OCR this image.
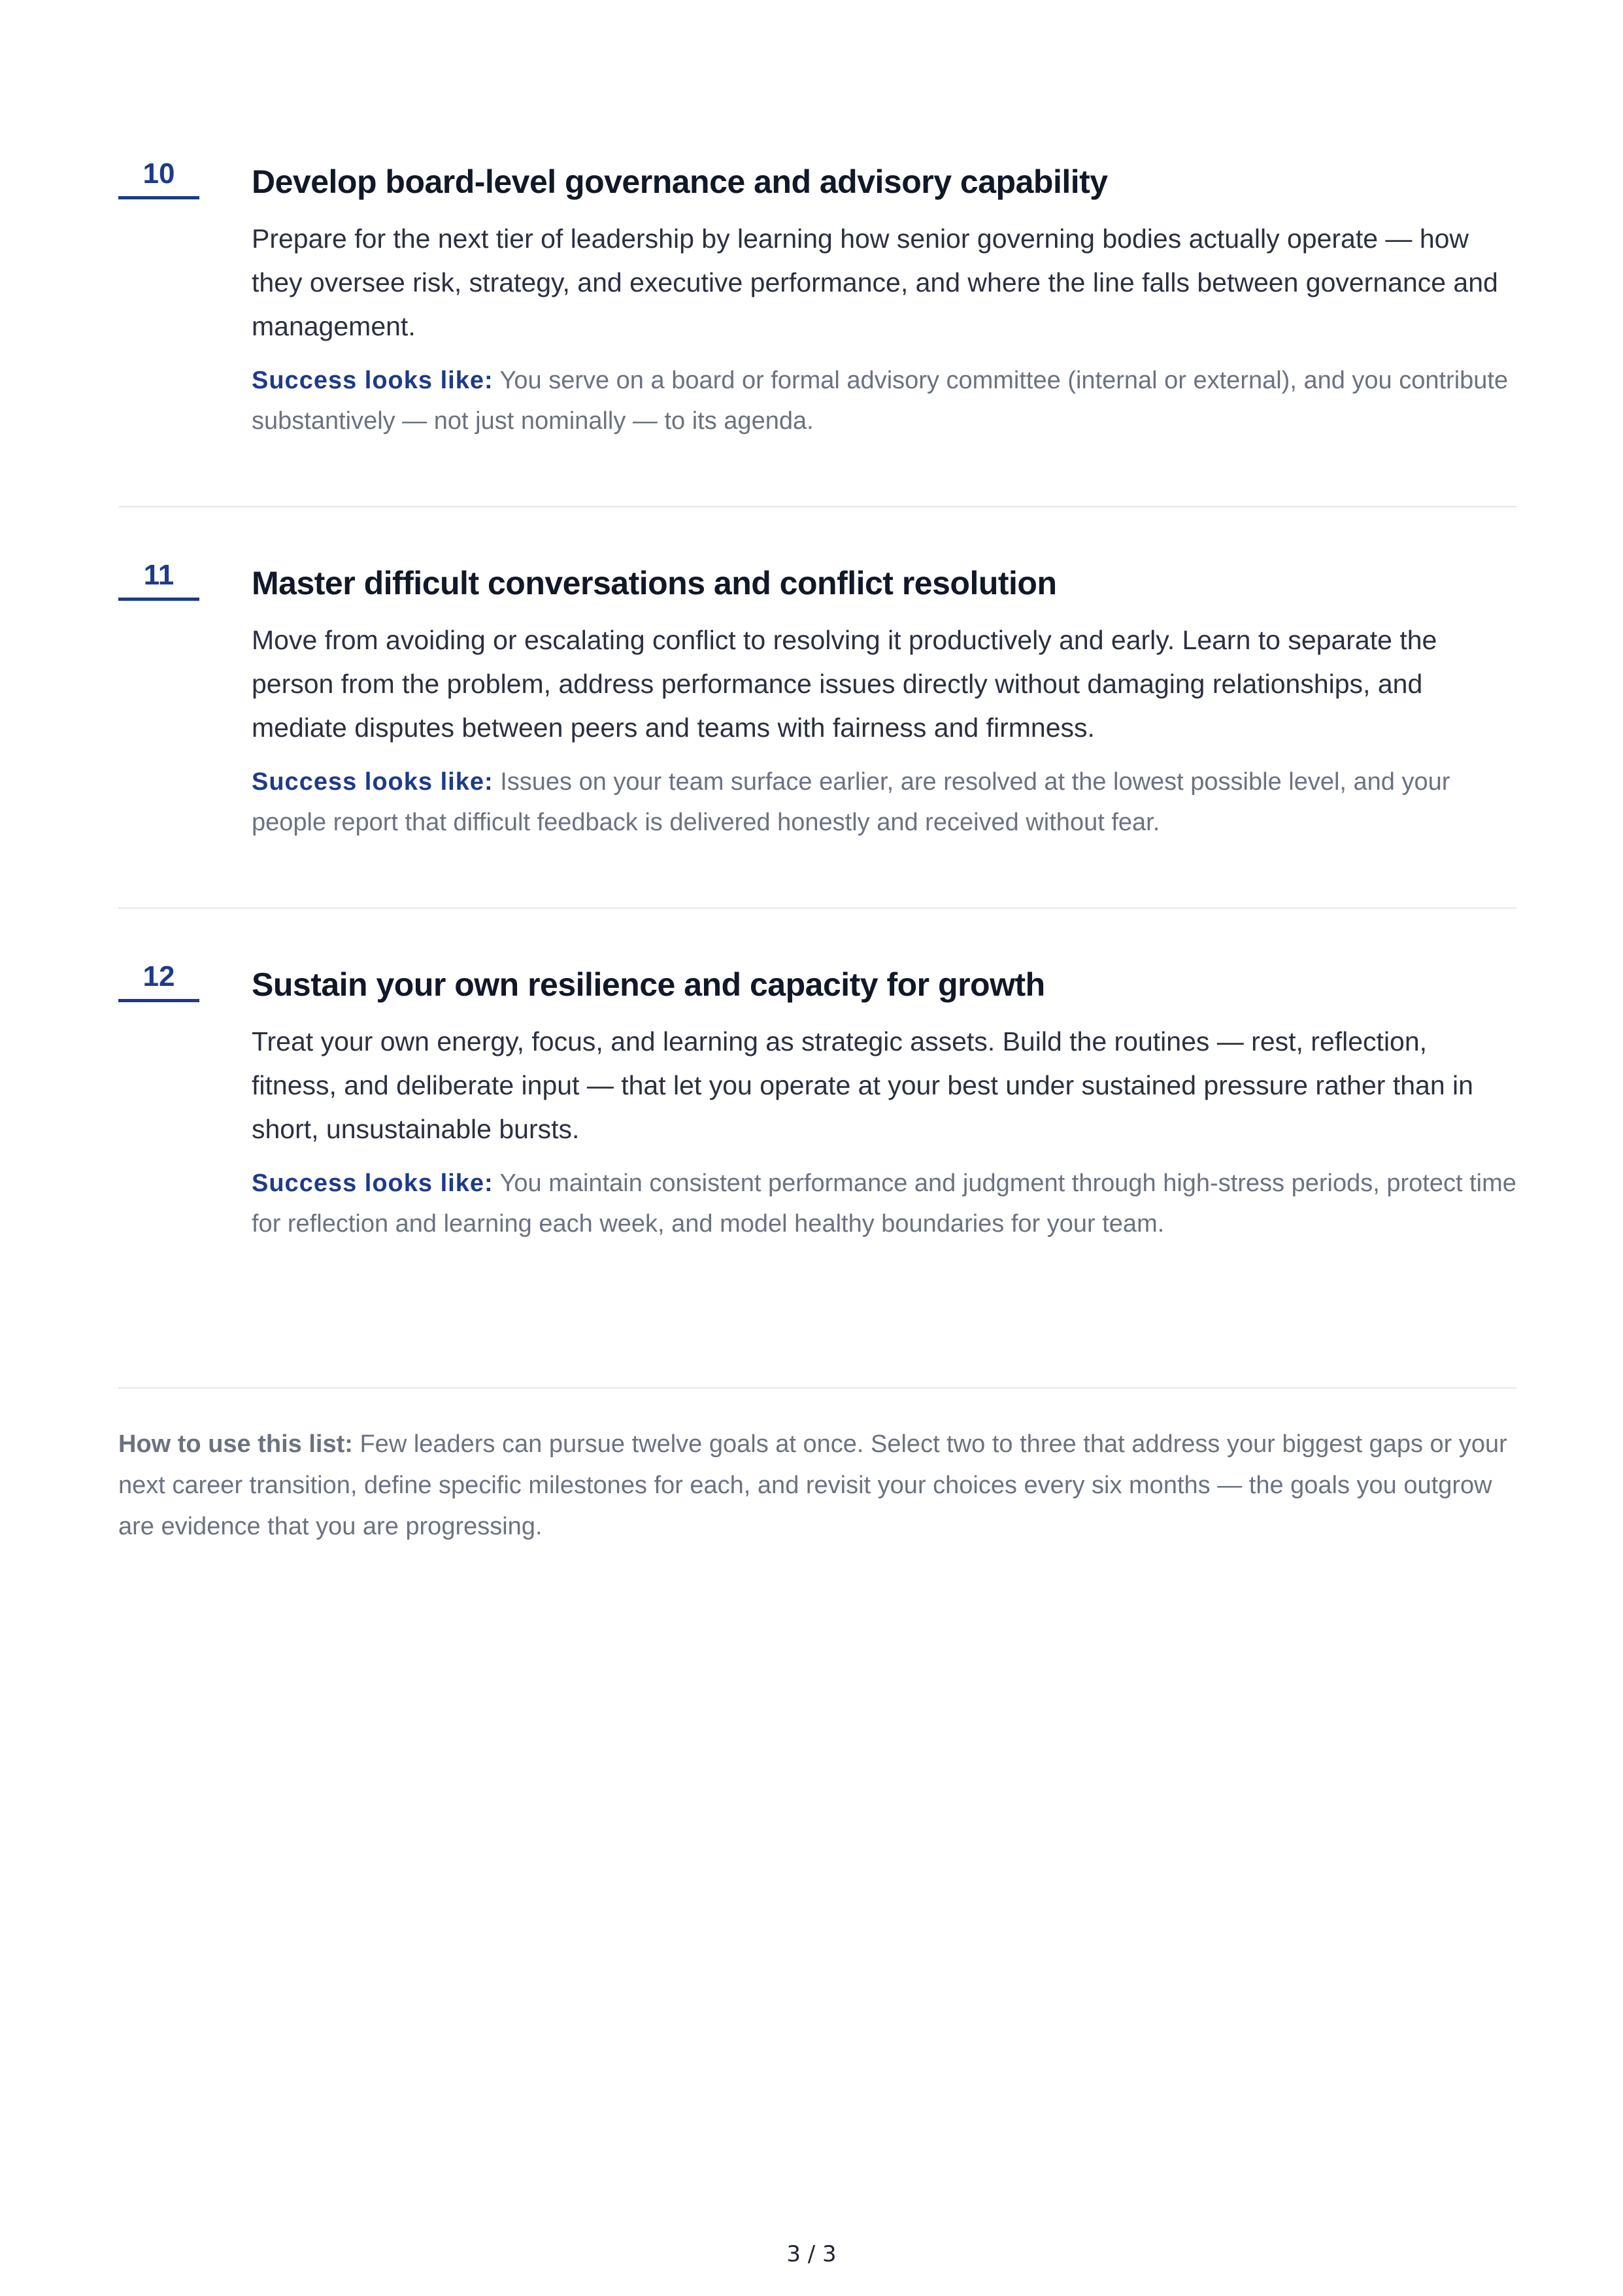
10	Develop board-level governance and advisory capability

Prepare for the next tier of leadership by learning how senior governing bodies actually operate — how they oversee risk, strategy, and executive performance, and where the line falls between governance and management.

Success looks like: You serve on a board or formal advisory committee (internal or external), and you contribute substantively — not just nominally — to its agenda.

11	Master difficult conversations and conflict resolution

Move from avoiding or escalating conflict to resolving it productively and early. Learn to separate the person from the problem, address performance issues directly without damaging relationships, and mediate disputes between peers and teams with fairness and firmness.

Success looks like: Issues on your team surface earlier, are resolved at the lowest possible level, and your people report that difficult feedback is delivered honestly and received without fear.

12	Sustain your own resilience and capacity for growth

Treat your own energy, focus, and learning as strategic assets. Build the routines — rest, reflection, fitness, and deliberate input — that let you operate at your best under sustained pressure rather than in short, unsustainable bursts.

Success looks like: You maintain consistent performance and judgment through high-stress periods, protect time for reflection and learning each week, and model healthy boundaries for your team.

How to use this list: Few leaders can pursue twelve goals at once. Select two to three that address your biggest gaps or your next career transition, define specific milestones for each, and revisit your choices every six months — the goals you outgrow are evidence that you are progressing.

3 / 3
